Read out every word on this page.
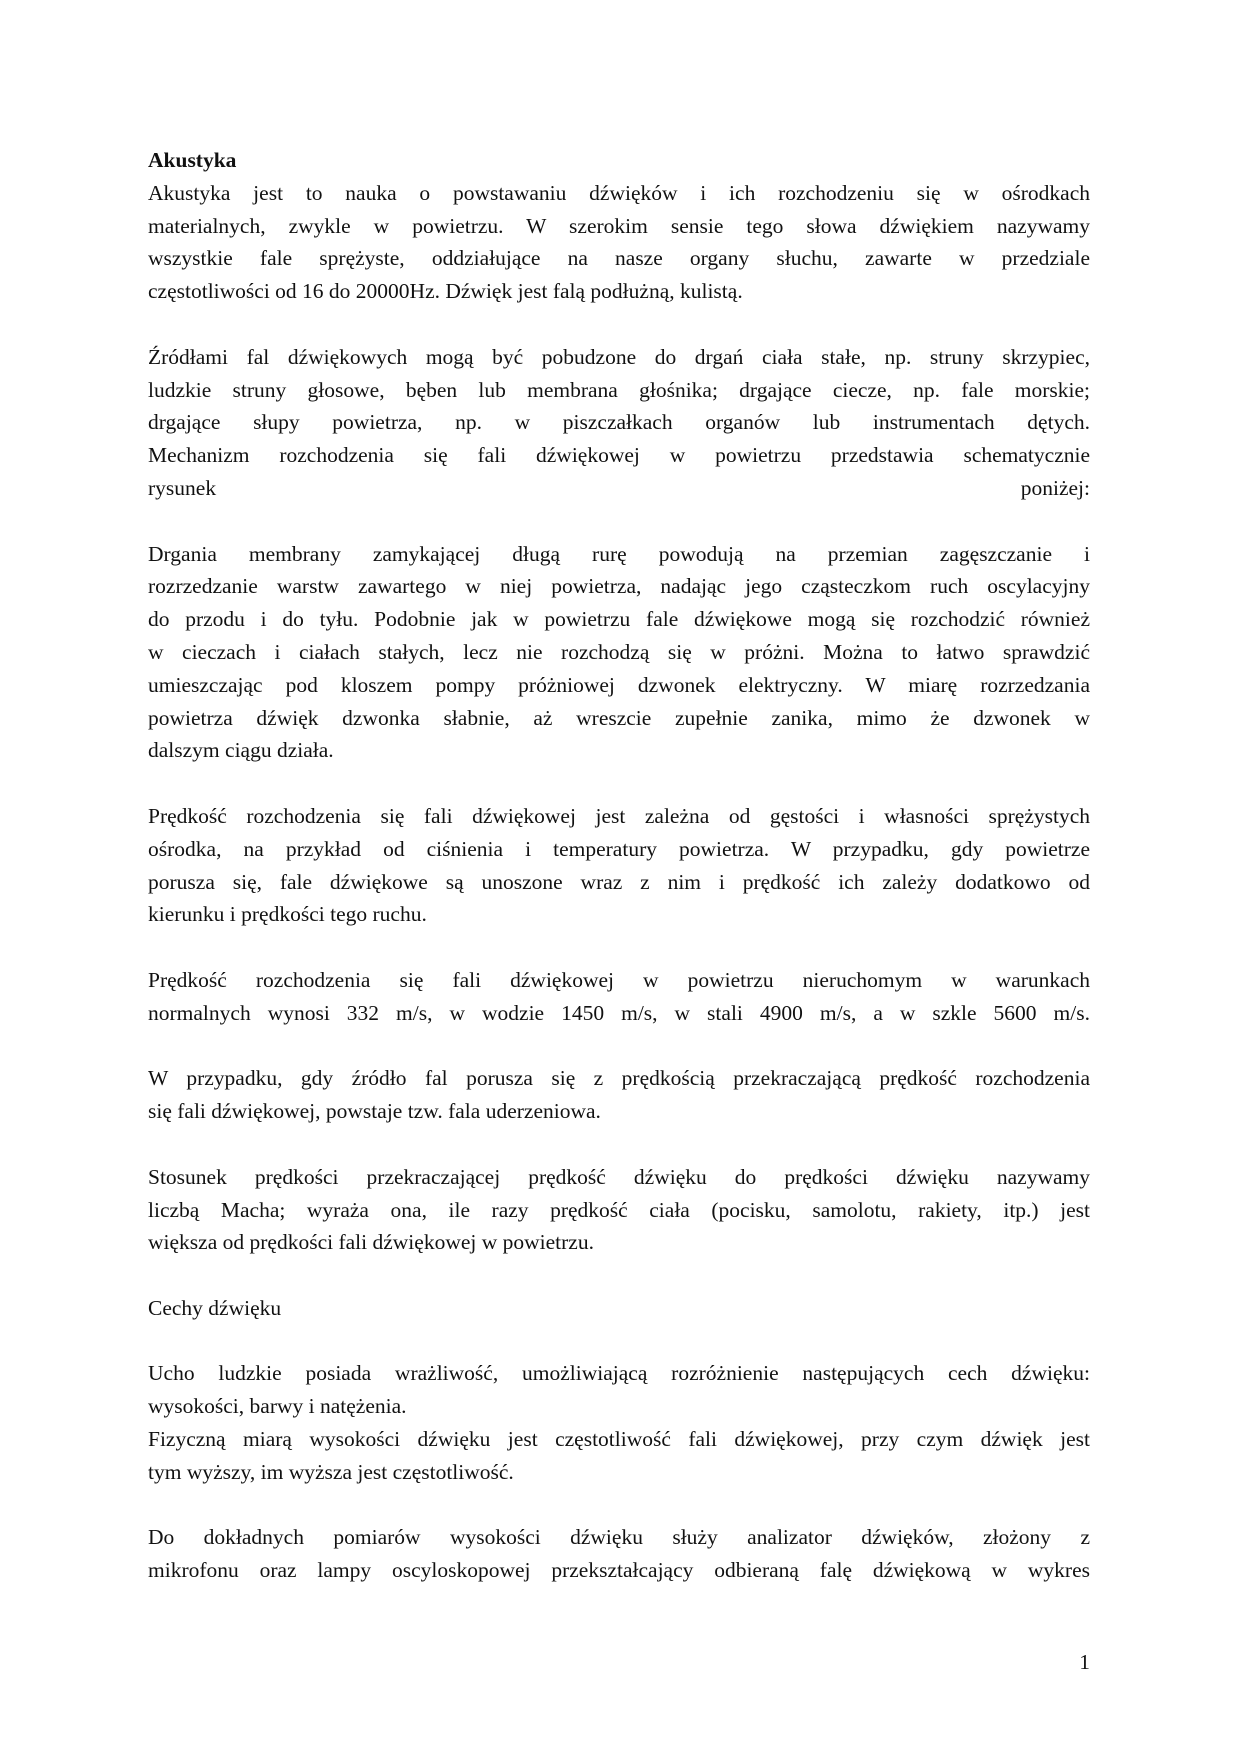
Akustyka
Akustyka jest to nauka o powstawaniu dźwięków i ich rozchodzeniu się w ośrodkach
materialnych, zwykle w powietrzu. W szerokim sensie tego słowa dźwiękiem nazywamy
wszystkie fale sprężyste, oddziałujące na nasze organy słuchu, zawarte w przedziale
częstotliwości od 16 do 20000Hz. Dźwięk jest falą podłużną, kulistą.
Źródłami fal dźwiękowych mogą być pobudzone do drgań ciała stałe, np. struny skrzypiec,
ludzkie struny głosowe, bęben lub membrana głośnika; drgające ciecze, np. fale morskie;
drgające słupy powietrza, np. w piszczałkach organów lub instrumentach dętych.
Mechanizm rozchodzenia się fali dźwiękowej w powietrzu przedstawia schematycznie
rysunek poniżej:
Drgania membrany zamykającej długą rurę powodują na przemian zagęszczanie i
rozrzedzanie warstw zawartego w niej powietrza, nadając jego cząsteczkom ruch oscylacyjny
do przodu i do tyłu. Podobnie jak w powietrzu fale dźwiękowe mogą się rozchodzić również
w cieczach i ciałach stałych, lecz nie rozchodzą się w próżni. Można to łatwo sprawdzić
umieszczając pod kloszem pompy próżniowej dzwonek elektryczny. W miarę rozrzedzania
powietrza dźwięk dzwonka słabnie, aż wreszcie zupełnie zanika, mimo że dzwonek w
dalszym ciągu działa.
Prędkość rozchodzenia się fali dźwiękowej jest zależna od gęstości i własności sprężystych
ośrodka, na przykład od ciśnienia i temperatury powietrza. W przypadku, gdy powietrze
porusza się, fale dźwiękowe są unoszone wraz z nim i prędkość ich zależy dodatkowo od
kierunku i prędkości tego ruchu.
Prędkość rozchodzenia się fali dźwiękowej w powietrzu nieruchomym w warunkach
normalnych wynosi 332 m/s, w wodzie 1450 m/s, w stali 4900 m/s, a w szkle 5600 m/s.
W przypadku, gdy źródło fal porusza się z prędkością przekraczającą prędkość rozchodzenia
się fali dźwiękowej, powstaje tzw. fala uderzeniowa.
Stosunek prędkości przekraczającej prędkość dźwięku do prędkości dźwięku nazywamy
liczbą Macha; wyraża ona, ile razy prędkość ciała (pocisku, samolotu, rakiety, itp.) jest
większa od prędkości fali dźwiękowej w powietrzu.
Cechy dźwięku
Ucho ludzkie posiada wrażliwość, umożliwiającą rozróżnienie następujących cech dźwięku:
wysokości, barwy i natężenia.
Fizyczną miarą wysokości dźwięku jest częstotliwość fali dźwiękowej, przy czym dźwięk jest
tym wyższy, im wyższa jest częstotliwość.
Do dokładnych pomiarów wysokości dźwięku służy analizator dźwięków, złożony z
mikrofonu oraz lampy oscyloskopowej przekształcający odbieraną falę dźwiękową w wykres
1
